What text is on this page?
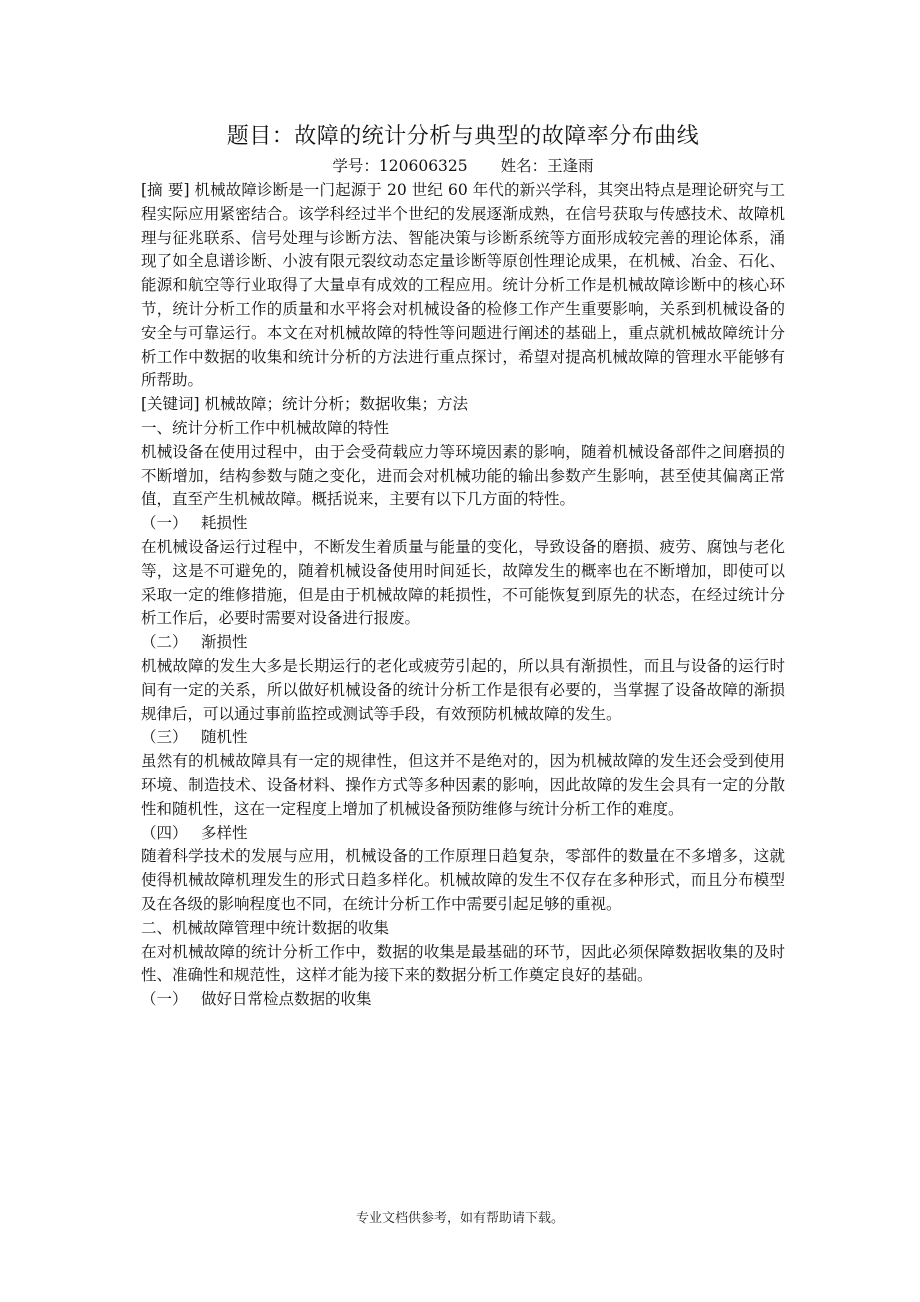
题目：故障的统计分析与典型的故障率分布曲线
学号：120606325 姓名：王逢雨

[摘 要] 机械故障诊断是一门起源于 20 世纪 60 年代的新兴学科，其突出特点是理论研究与工程实际应用紧密结合。该学科经过半个世纪的发展逐渐成熟，在信号获取与传感技术、故障机理与征兆联系、信号处理与诊断方法、智能决策与诊断系统等方面形成较完善的理论体系，涌现了如全息谱诊断、小波有限元裂纹动态定量诊断等原创性理论成果，在机械、冶金、石化、能源和航空等行业取得了大量卓有成效的工程应用。统计分析工作是机械故障诊断中的核心环节，统计分析工作的质量和水平将会对机械设备的检修工作产生重要影响，关系到机械设备的安全与可靠运行。本文在对机械故障的特性等问题进行阐述的基础上，重点就机械故障统计分析工作中数据的收集和统计分析的方法进行重点探讨，希望对提高机械故障的管理水平能够有所帮助。

[关键词] 机械故障；统计分析；数据收集；方法

一、统计分析工作中机械故障的特性

机械设备在使用过程中，由于会受荷载应力等环境因素的影响，随着机械设备部件之间磨损的不断增加，结构参数与随之变化，进而会对机械功能的输出参数产生影响，甚至使其偏离正常值，直至产生机械故障。概括说来，主要有以下几方面的特性。

（一） 耗损性

在机械设备运行过程中，不断发生着质量与能量的变化，导致设备的磨损、疲劳、腐蚀与老化等，这是不可避免的，随着机械设备使用时间延长，故障发生的概率也在不断增加，即使可以采取一定的维修措施，但是由于机械故障的耗损性，不可能恢复到原先的状态，在经过统计分析工作后，必要时需要对设备进行报废。

（二） 渐损性

机械故障的发生大多是长期运行的老化或疲劳引起的，所以具有渐损性，而且与设备的运行时间有一定的关系，所以做好机械设备的统计分析工作是很有必要的，当掌握了设备故障的渐损规律后，可以通过事前监控或测试等手段，有效预防机械故障的发生。

（三） 随机性

虽然有的机械故障具有一定的规律性，但这并不是绝对的，因为机械故障的发生还会受到使用环境、制造技术、设备材料、操作方式等多种因素的影响，因此故障的发生会具有一定的分散性和随机性，这在一定程度上增加了机械设备预防维修与统计分析工作的难度。

（四） 多样性

随着科学技术的发展与应用，机械设备的工作原理日趋复杂，零部件的数量在不多增多，这就使得机械故障机理发生的形式日趋多样化。机械故障的发生不仅存在多种形式，而且分布模型及在各级的影响程度也不同，在统计分析工作中需要引起足够的重视。

二、机械故障管理中统计数据的收集

在对机械故障的统计分析工作中，数据的收集是最基础的环节，因此必须保障数据收集的及时性、准确性和规范性，这样才能为接下来的数据分析工作奠定良好的基础。

（一） 做好日常检点数据的收集
专业文档供参考，如有帮助请下载。
